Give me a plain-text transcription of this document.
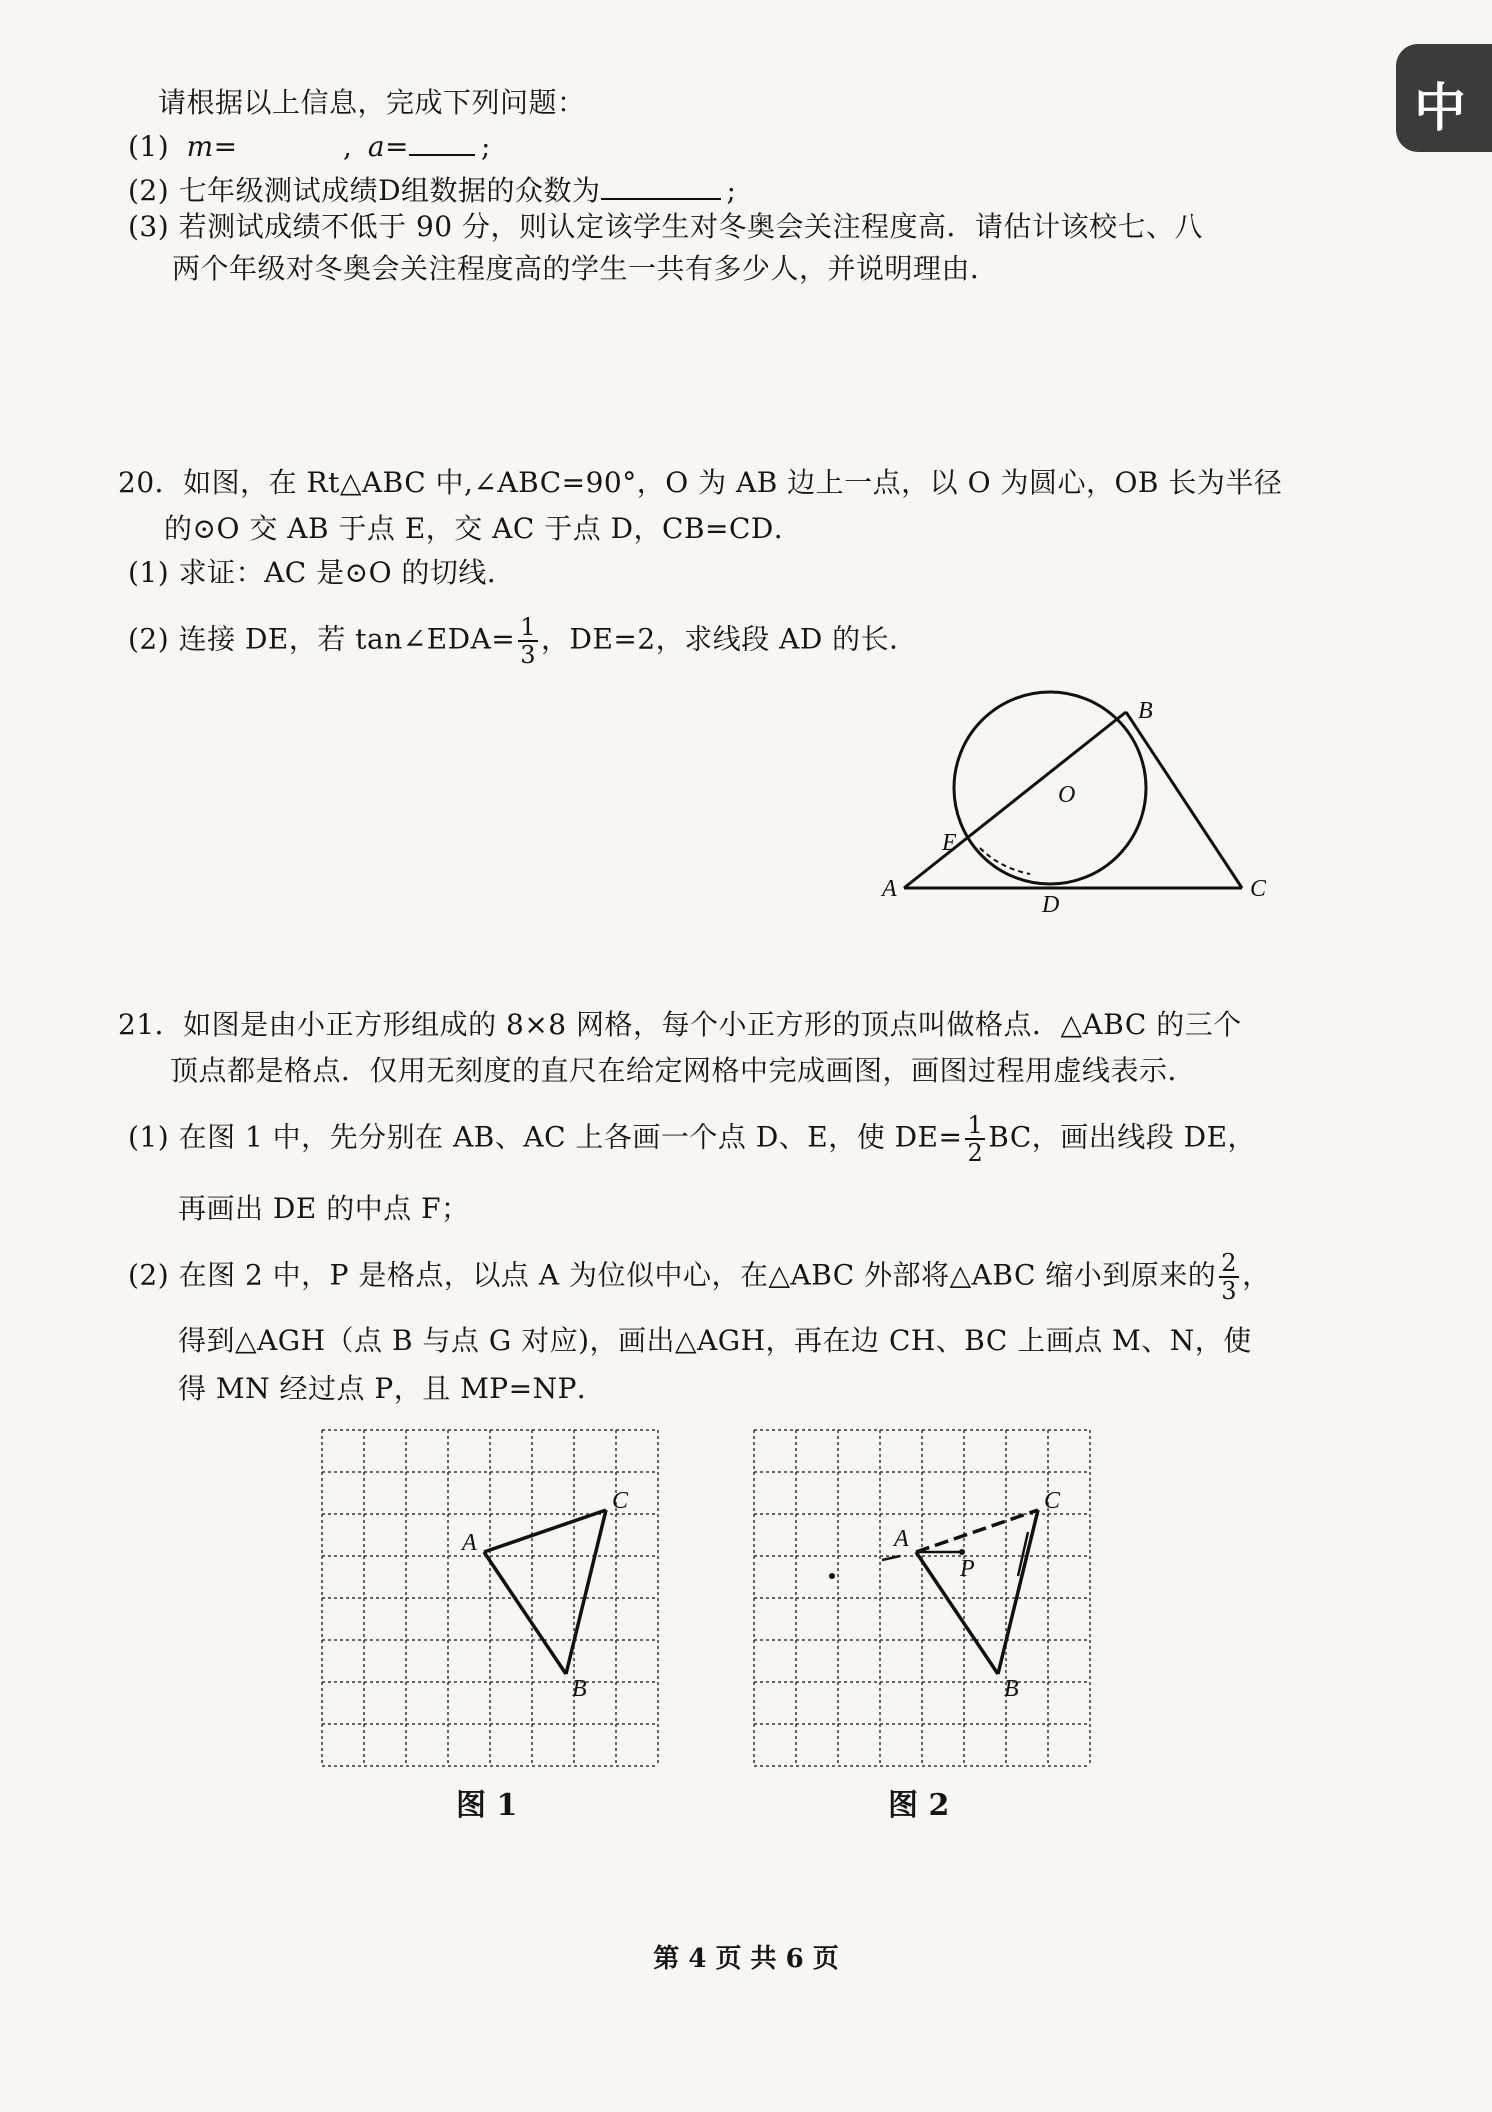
中
请根据以上信息，完成下列问题：
(1) m=	, a=	;
(2) 七年级测试成绩D组数据的众数为	;
(3) 若测试成绩不低于 90 分，则认定该学生对冬奥会关注程度高．请估计该校七、八
两个年级对冬奥会关注程度高的学生一共有多少人，并说明理由．
20．如图，在 Rt△ABC 中,∠ABC=90°，O 为 AB 边上一点，以 O 为圆心，OB 长为半径
的⊙O 交 AB 于点 E，交 AC 于点 D，CB=CD．
(1) 求证：AC 是⊙O 的切线．
(2) 连接 DE，若 tan∠EDA= $\frac{1}{3}$ ，DE=2，求线段 AD 的长．
A
B
C
D
E
O
21．如图是由小正方形组成的 8×8 网格，每个小正方形的顶点叫做格点．△ABC 的三个
顶点都是格点．仅用无刻度的直尺在给定网格中完成画图，画图过程用虚线表示．
(1) 在图 1 中，先分别在 AB、AC 上各画一个点 D、E，使 $DE= \frac{1}{2}$ BC，画出线段 DE，
再画出 DE 的中点 F；
(2) 在图 2 中，P 是格点，以点 A 为位似中心，在△ABC 外部将△ABC 缩小到原来的 $\frac{2}{3}$ ，
得到△AGH（点 B 与点 G 对应)，画出△AGH，再在边 CH、BC 上画点 M、N，使
得 MN 经过点 P，且 MP=NP．
A
B
C
图 1
A
B
C
P
图 2
第 4 页 共 6 页
